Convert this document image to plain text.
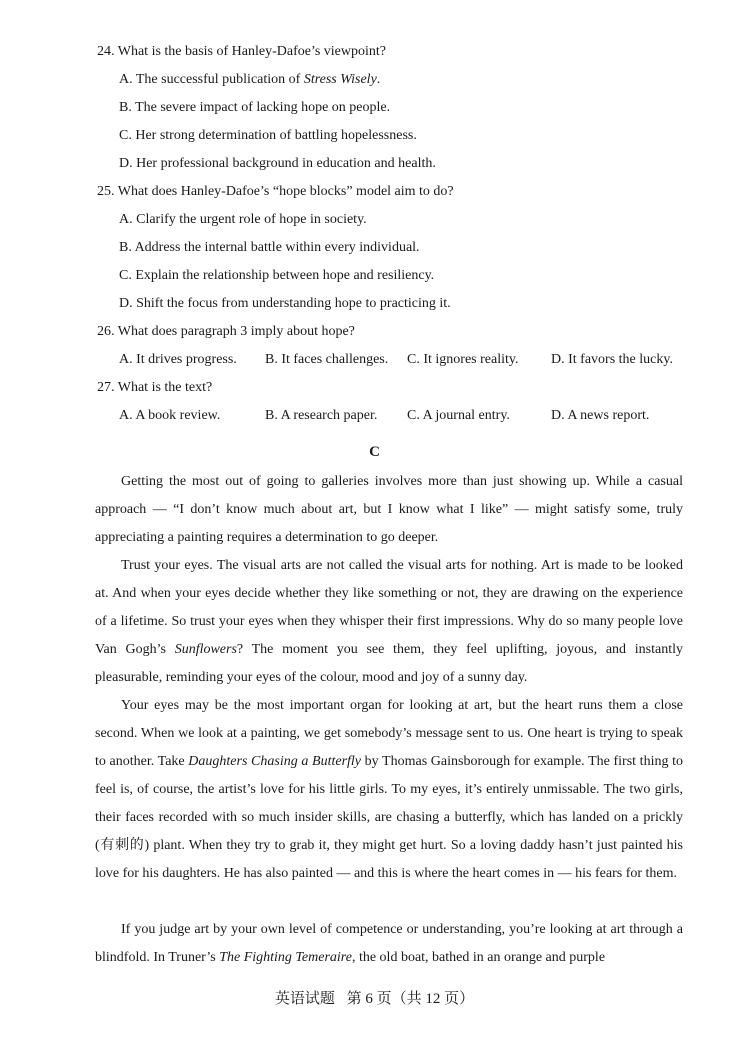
24. What is the basis of Hanley-Dafoe’s viewpoint?
A. The successful publication of Stress Wisely.
B. The severe impact of lacking hope on people.
C. Her strong determination of battling hopelessness.
D. Her professional background in education and health.
25. What does Hanley-Dafoe’s “hope blocks” model aim to do?
A. Clarify the urgent role of hope in society.
B. Address the internal battle within every individual.
C. Explain the relationship between hope and resiliency.
D. Shift the focus from understanding hope to practicing it.
26. What does paragraph 3 imply about hope?
A. It drives progress. B. It faces challenges. C. It ignores reality. D. It favors the lucky.
27. What is the text?
A. A book review.	B. A research paper. C. A journal entry.	D. A news report.
C
Getting the most out of going to galleries involves more than just showing up. While a casual approach — “I don’t know much about art, but I know what I like” — might satisfy some, truly appreciating a painting requires a determination to go deeper.
Trust your eyes. The visual arts are not called the visual arts for nothing. Art is made to be looked at. And when your eyes decide whether they like something or not, they are drawing on the experience of a lifetime. So trust your eyes when they whisper their first impressions. Why do so many people love Van Gogh’s Sunflowers? The moment you see them, they feel uplifting, joyous, and instantly pleasurable, reminding your eyes of the colour, mood and joy of a sunny day.
Your eyes may be the most important organ for looking at art, but the heart runs them a close second. When we look at a painting, we get somebody’s message sent to us. One heart is trying to speak to another. Take Daughters Chasing a Butterfly by Thomas Gainsborough for example. The first thing to feel is, of course, the artist’s love for his little girls. To my eyes, it’s entirely unmissable. The two girls, their faces recorded with so much insider skills, are chasing a butterfly, which has landed on a prickly (有刺的) plant. When they try to grab it, they might get hurt. So a loving daddy hasn’t just painted his love for his daughters. He has also painted — and this is where the heart comes in — his fears for them.
If you judge art by your own level of competence or understanding, you’re looking at art through a blindfold. In Truner’s The Fighting Temeraire, the old boat, bathed in an orange and purple
英语试题 第 6 页（共 12 页）
